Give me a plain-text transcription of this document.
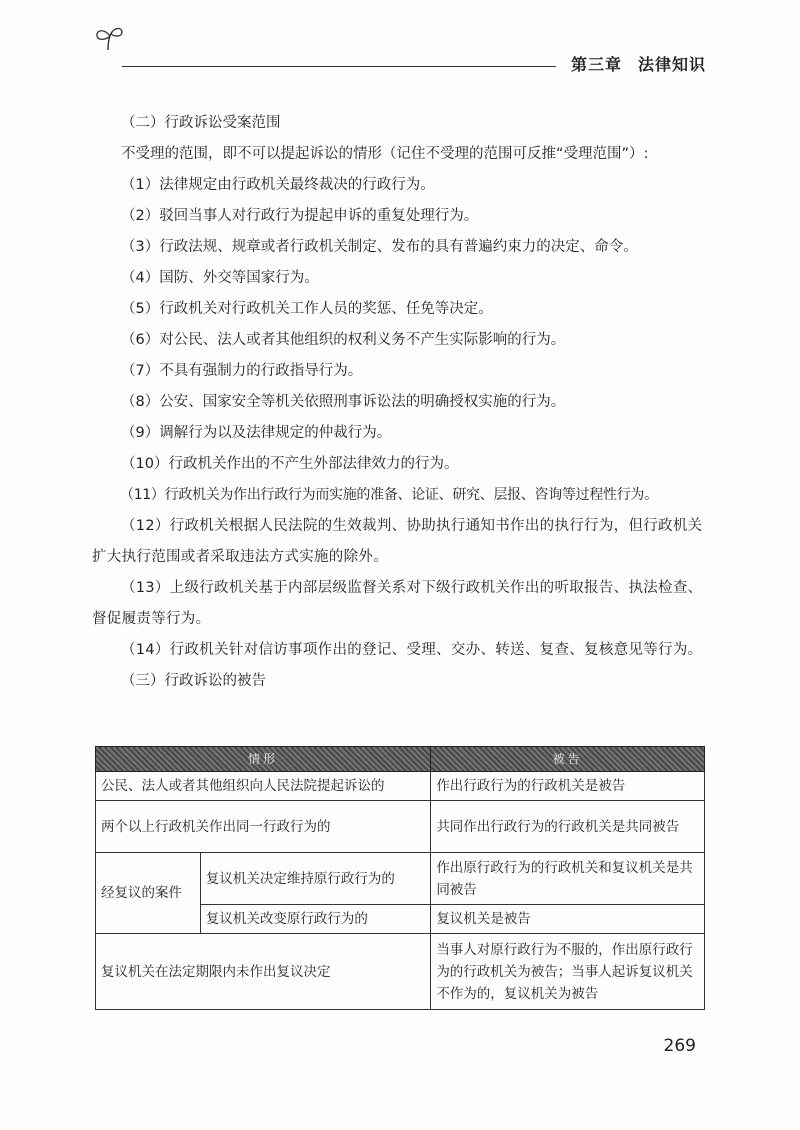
第三章 法律知识
（二）行政诉讼受案范围
不受理的范围，即不可以提起诉讼的情形（记住不受理的范围可反推“受理范围”）:
（1）法律规定由行政机关最终裁决的行政行为。
（2）驳回当事人对行政行为提起申诉的重复处理行为。
（3）行政法规、规章或者行政机关制定、发布的具有普遍约束力的决定、命令。
（4）国防、外交等国家行为。
（5）行政机关对行政机关工作人员的奖惩、任免等决定。
（6）对公民、法人或者其他组织的权利义务不产生实际影响的行为。
（7）不具有强制力的行政指导行为。
（8）公安、国家安全等机关依照刑事诉讼法的明确授权实施的行为。
（9）调解行为以及法律规定的仲裁行为。
（10）行政机关作出的不产生外部法律效力的行为。
（11）行政机关为作出行政行为而实施的准备、论证、研究、层报、咨询等过程性行为。
（12）行政机关根据人民法院的生效裁判、协助执行通知书作出的执行行为，但行政机关扩大执行范围或者采取违法方式实施的除外。
（13）上级行政机关基于内部层级监督关系对下级行政机关作出的听取报告、执法检查、督促履责等行为。
（14）行政机关针对信访事项作出的登记、受理、交办、转送、复查、复核意见等行为。
（三）行政诉讼的被告
情形		被告
公民、法人或者其他组织向人民法院提起诉讼的		作出行政行为的行政机关是被告
两个以上行政机关作出同一行政行为的		共同作出行政行为的行政机关是共同被告
经复议的案件	复议机关决定维持原行政行为的	作出原行政行为的行政机关和复议机关是共同被告
	复议机关改变原行政行为的	复议机关是被告
复议机关在法定期限内未作出复议决定		当事人对原行政行为不服的，作出原行政行为的行政机关为被告；当事人起诉复议机关不作为的，复议机关为被告
269
